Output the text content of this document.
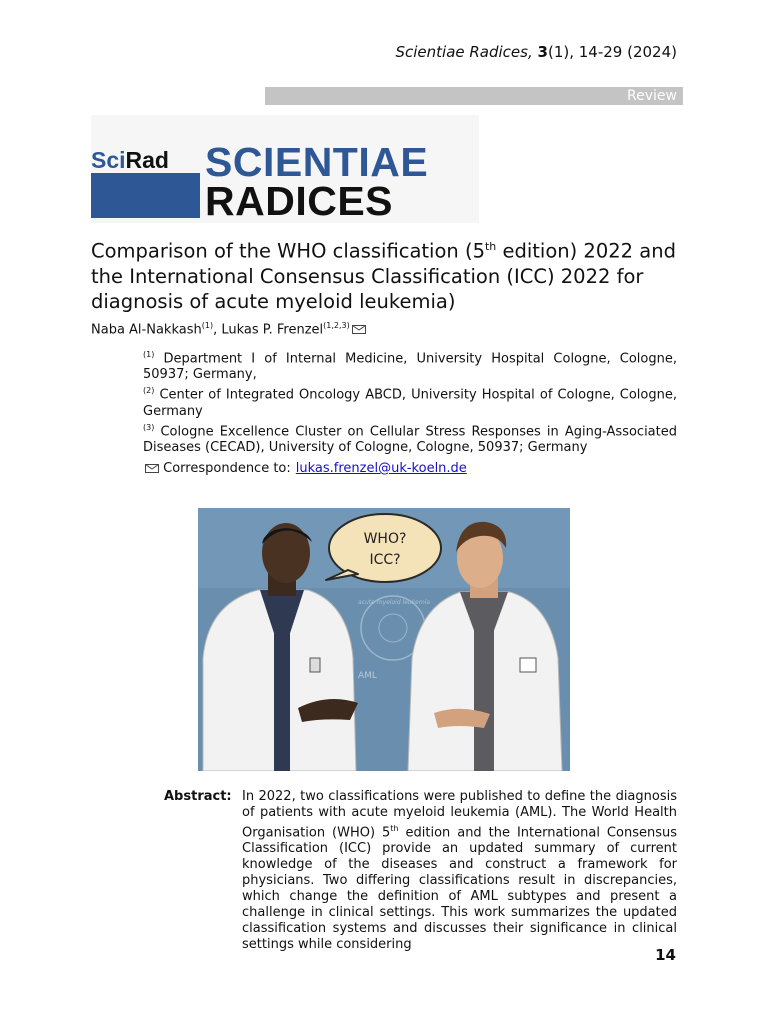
Scientiae Radices, 3(1), 14-29 (2024)
Review
SciRad SCIENTIAE
RADICES
Comparison of the WHO classification (5th edition) 2022 and the International Consensus Classification (ICC) 2022 for diagnosis of acute myeloid leukemia)
Naba Al-Nakkash$^{(1)}$, Lukas P. Frenzel$^{(1,2,3)}$

$^{(1)}$ Department I of Internal Medicine, University Hospital Cologne, Cologne, 50937; Germany,

$^{(2)}$ Center of Integrated Oncology ABCD, University Hospital of Cologne, Cologne, Germany

$^{(3)}$ Cologne Excellence Cluster on Cellular Stress Responses in Aging-Associated Diseases (CECAD), University of Cologne, Cologne, 50937; Germany

Correspondence to: lukas.frenzel@uk-koeln.de
acute myeloid leukemia
AML
WHO?
ICC?
Abstract: In 2022, two classifications were published to define the diagnosis of patients with acute myeloid leukemia (AML). The World Health Organisation (WHO) 5th edition and the International Consensus Classification (ICC) provide an updated summary of current knowledge of the diseases and construct a framework for physicians. Two differing classifications result in discrepancies, which change the definition of AML subtypes and present a challenge in clinical settings. This work summarizes the updated classification systems and discusses their significance in clinical settings while considering
14
